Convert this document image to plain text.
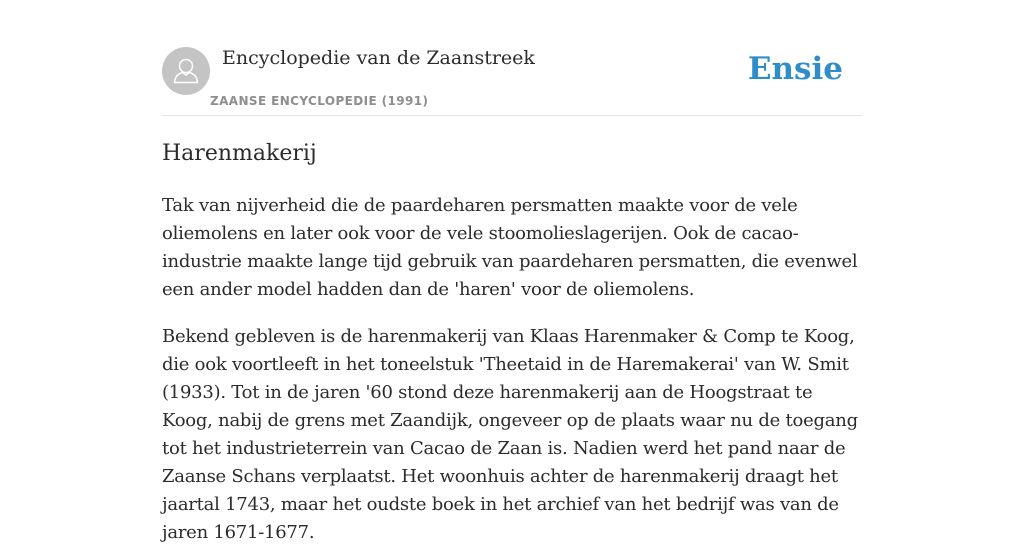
Encyclopedie van de Zaanstreek
ZAANSE ENCYCLOPEDIE (1991)
Ensie
Harenmakerij

Tak van nijverheid die de paardeharen persmatten maakte voor de vele oliemolens en later ook voor de vele stoomolieslagerijen. Ook de cacao-industrie maakte lange tijd gebruik van paardeharen persmatten, die evenwel een ander model hadden dan de 'haren' voor de oliemolens.

Bekend gebleven is de harenmakerij van Klaas Harenmaker & Comp te Koog, die ook voortleeft in het toneelstuk 'Theetaid in de Haremakerai' van W. Smit (1933). Tot in de jaren '60 stond deze harenmakerij aan de Hoogstraat te Koog, nabij de grens met Zaandijk, ongeveer op de plaats waar nu de toegang tot het industrieterrein van Cacao de Zaan is. Nadien werd het pand naar de Zaanse Schans verplaatst. Het woonhuis achter de harenmakerij draagt het jaartal 1743, maar het oudste boek in het archief van het bedrijf was van de jaren 1671-1677.
